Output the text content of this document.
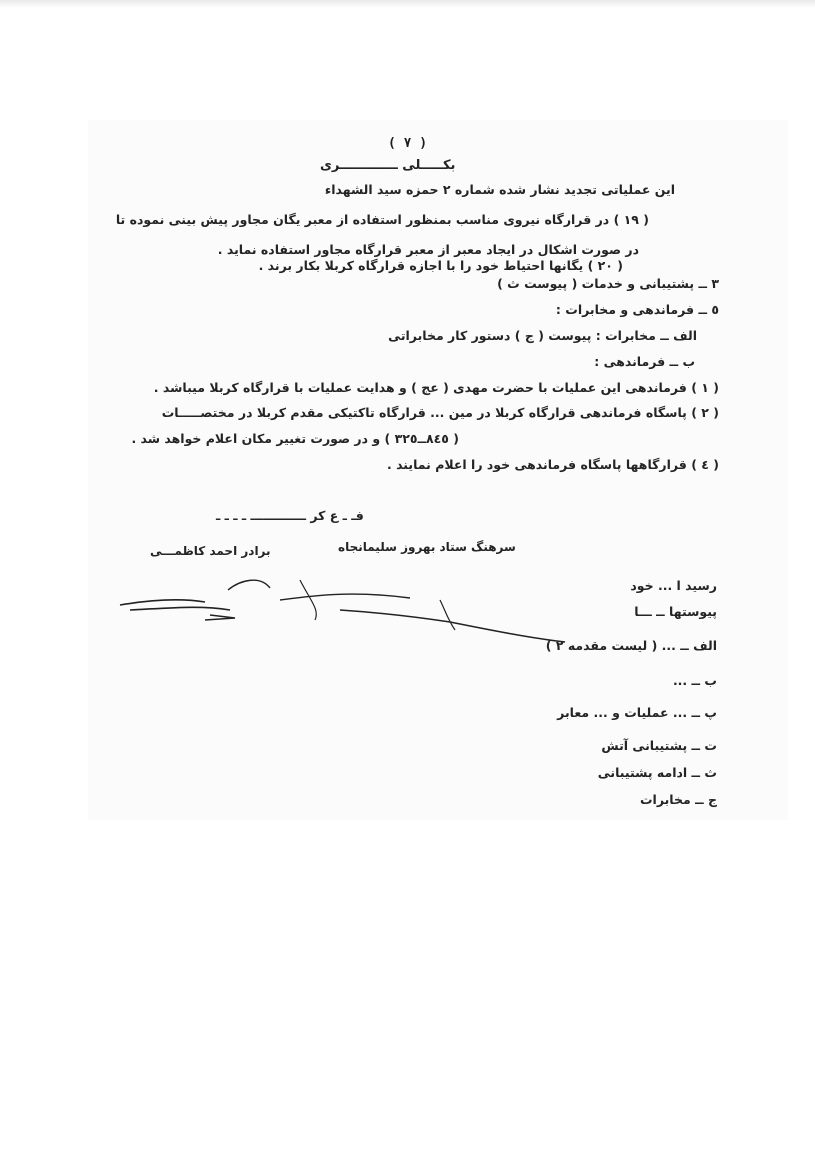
( ٧ )
بکـــــلی ـــــــــــــری
اين عملياتی تجديد نشار شده شماره ٢ حمزه سيد الشهداء
( ١٩ ) در قرارگاه نيروی مناسب بمنظور استفاده از معبر يگان مجاور پيش بينی نموده تا
در صورت اشکال در ايجاد معبر از معبر قرارگاه مجاور استفاده نمايد .
( ٢٠ ) يگانها احتياط خود را با اجازه قرارگاه کربلا بکار برند .
٣ ــ پشتيبانی و خدمات ( پيوست ث )
٥ ــ فرماندهی و مخابرات :
الف ــ مخابرات : پيوست ( ج ) دستور کار مخابراتی
ب ــ فرماندهی :
( ١ ) فرماندهی اين عمليات با حضرت مهدی ( عج ) و هدايت عمليات با قرارگاه کربلا ميباشد .
( ٢ ) پاسگاه فرماندهی قرارگاه کربلا در مين ... قرارگاه تاکتيکی مقدم کربلا در مختصـــــات
( ٨٤٥ــ٣٢٥ ) و در صورت تغيير مکان اعلام خواهد شد .
( ٤ ) قرارگاهها پاسگاه فرماندهی خود را اعلام نمايند .
فـ ـ ع کر ـــــــــــــ ـ ـ ـ ـ
برادر احمد کاظمـــی	سرهنگ ستاد بهروز سليمانجاه
رسيد ا ... خود
پيوستها ــ ـــا
الف ــ ... ( ليست مقدمه ٢ )
ب ــ ...
پ ــ ... عمليات و ... معابر
ت ــ پشتيبانی آتش
ث ــ ادامه پشتيبانی
ج ــ مخابرات
